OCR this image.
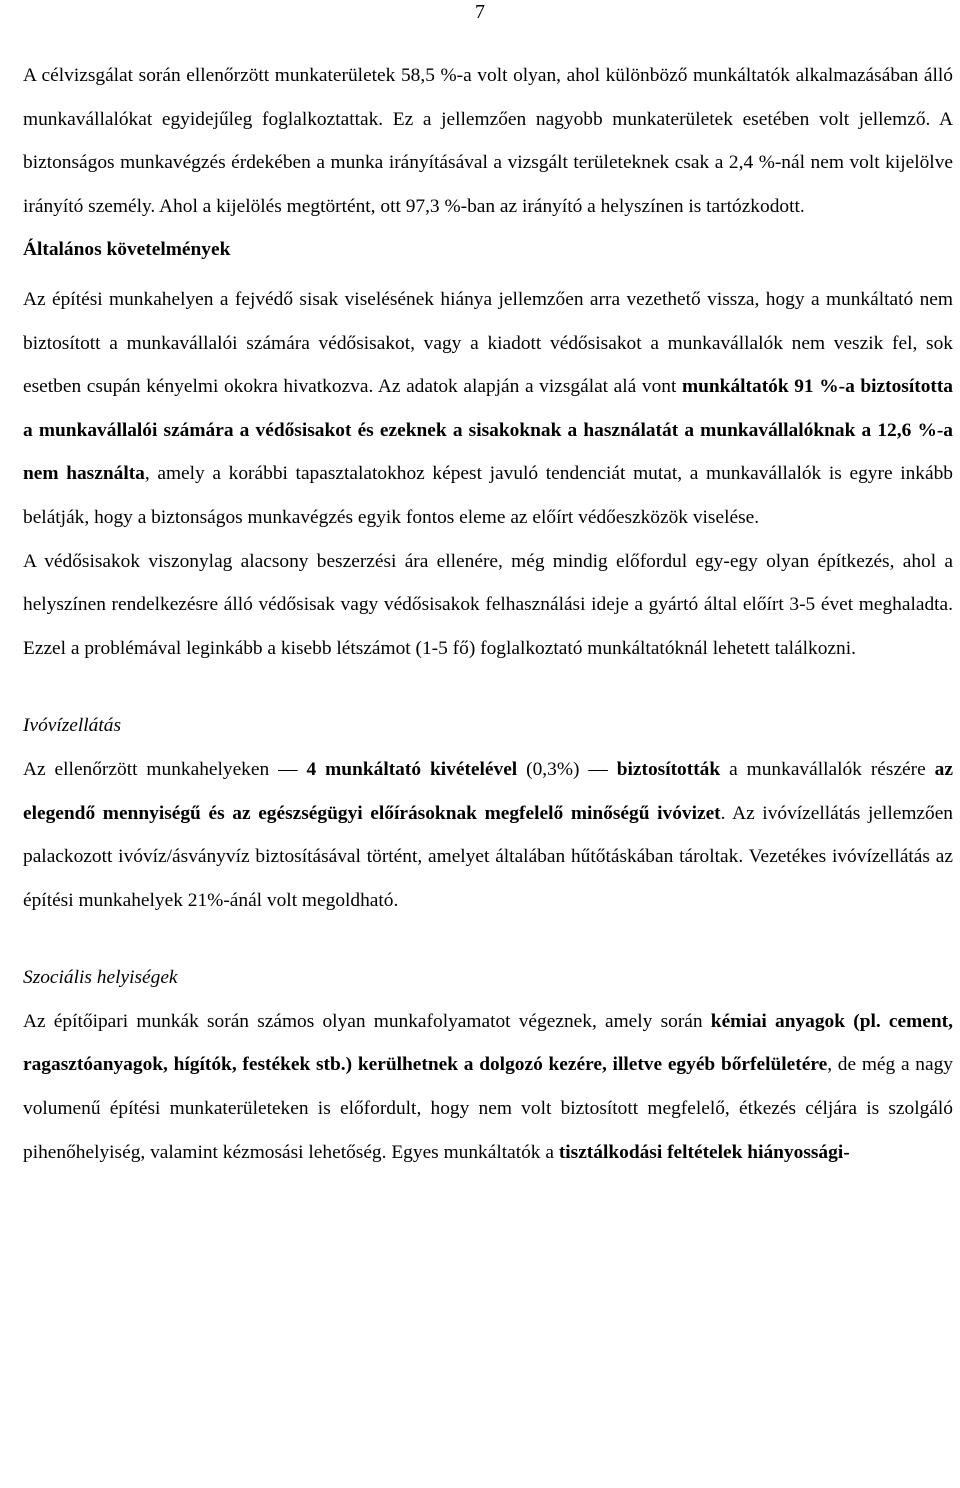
7

A célvizsgálat során ellenőrzött munkaterületek 58,5 %-a volt olyan, ahol különböző munkáltatók alkalmazásában álló munkavállalókat egyidejűleg foglalkoztattak. Ez a jellemzően nagyobb munkaterületek esetében volt jellemző. A biztonságos munkavégzés érdekében a munka irányításával a vizsgált területeknek csak a 2,4 %-nál nem volt kijelölve irányító személy. Ahol a kijelölés megtörtént, ott 97,3 %-ban az irányító a helyszínen is tartózkodott.

Általános követelmények

Az építési munkahelyen a fejvédő sisak viselésének hiánya jellemzően arra vezethető vissza, hogy a munkáltató nem biztosított a munkavállalói számára védősisakot, vagy a kiadott védősisakot a munkavállalók nem veszik fel, sok esetben csupán kényelmi okokra hivatkozva. Az adatok alapján a vizsgálat alá vont munkáltatók 91 %-a biztosította a munkavállalói számára a védősisakot és ezeknek a sisakoknak a használatát a munkavállalóknak a 12,6 %-a nem használta, amely a korábbi tapasztalatokhoz képest javuló tendenciát mutat, a munkavállalók is egyre inkább belátják, hogy a biztonságos munkavégzés egyik fontos eleme az előírt védőeszközök viselése.

A védősisakok viszonylag alacsony beszerzési ára ellenére, még mindig előfordul egy-egy olyan építkezés, ahol a helyszínen rendelkezésre álló védősisak vagy védősisakok felhasználási ideje a gyártó által előírt 3-5 évet meghaladta. Ezzel a problémával leginkább a kisebb létszámot (1-5 fő) foglalkoztató munkáltatóknál lehetett találkozni.

Ivóvízellátás

Az ellenőrzött munkahelyeken — 4 munkáltató kivételével (0,3%) — biztosították a munkavállalók részére az elegendő mennyiségű és az egészségügyi előírásoknak megfelelő minőségű ivóvizet. Az ivóvízellátás jellemzően palackozott ivóvíz/ásványvíz biztosításával történt, amelyet általában hűtőtáskában tároltak. Vezetékes ivóvízellátás az építési munkahelyek 21%-ánál volt megoldható.

Szociális helyiségek

Az építőipari munkák során számos olyan munkafolyamatot végeznek, amely során kémiai anyagok (pl. cement, ragasztóanyagok, hígítók, festékek stb.) kerülhetnek a dolgozó kezére, illetve egyéb bőrfelületére, de még a nagy volumenű építési munkaterületeken is előfordult, hogy nem volt biztosított megfelelő, étkezés céljára is szolgáló pihenőhelyiség, valamint kézmosási lehetőség. Egyes munkáltatók a tisztálkodási feltételek hiányossági-
